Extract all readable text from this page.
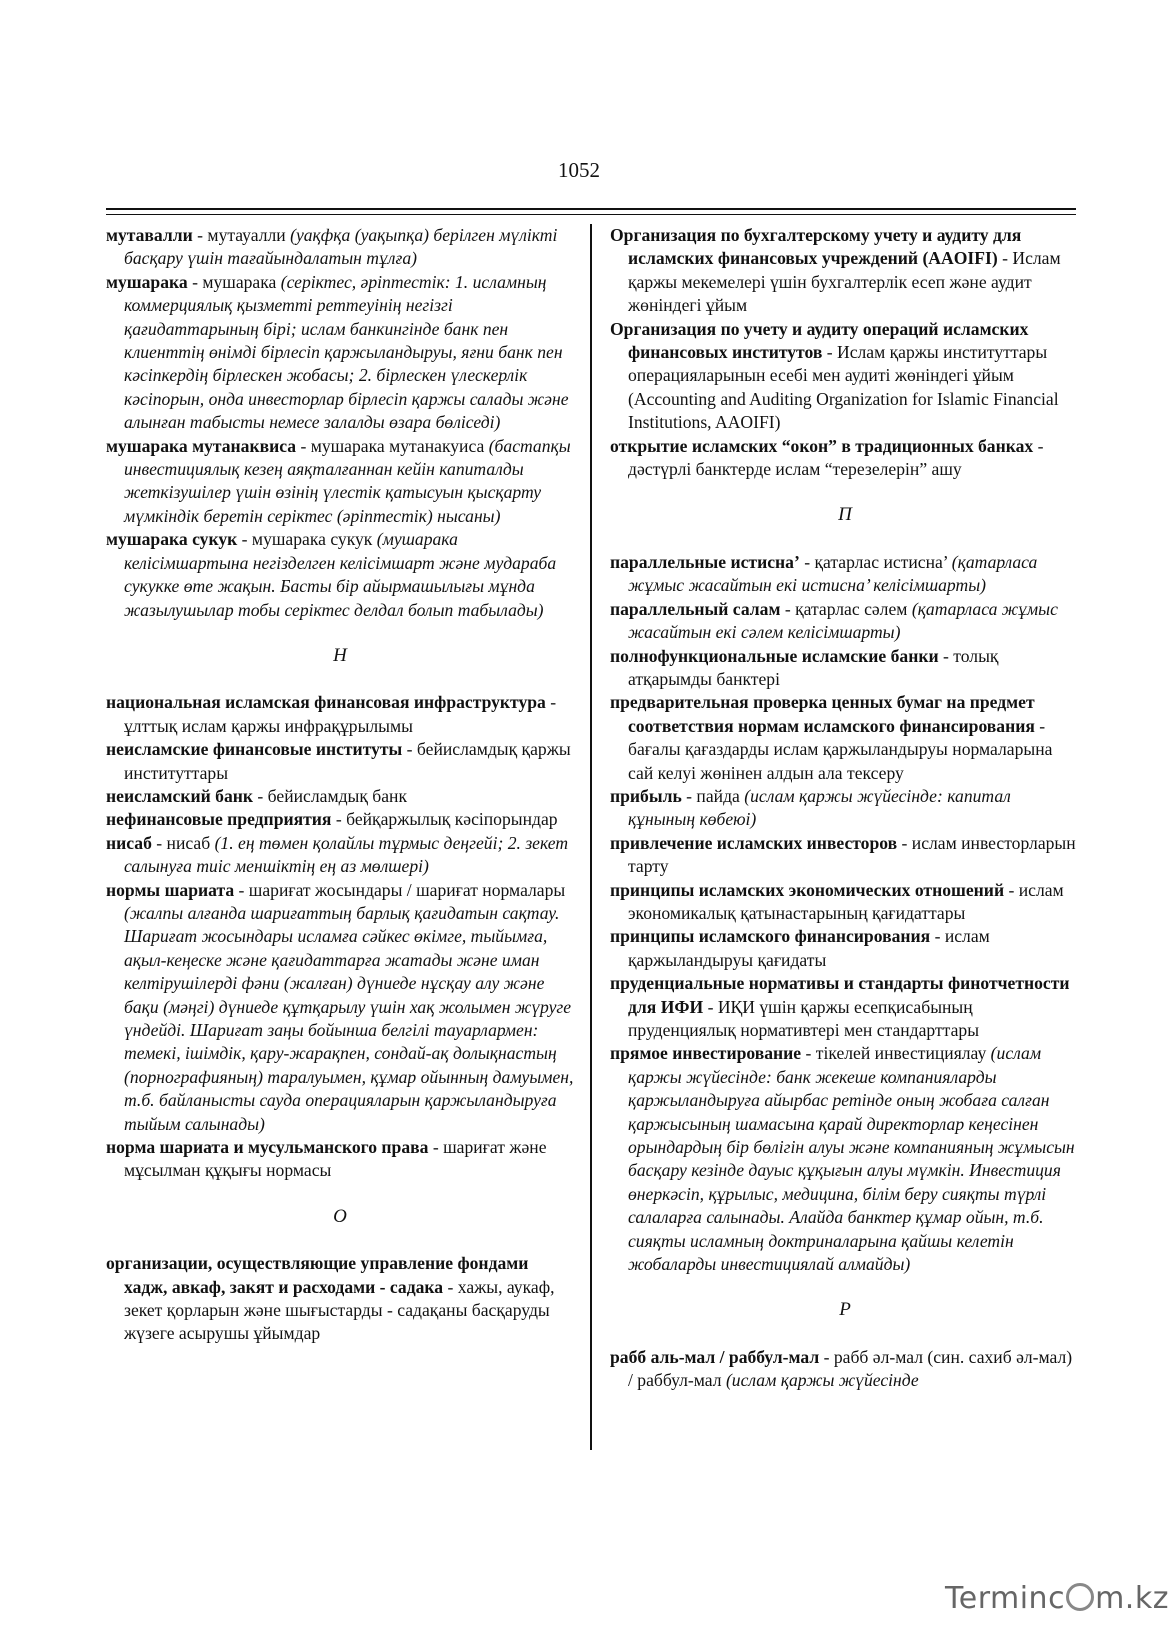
1052

мутавалли - мутауалли (уақфқа (уақыпқа) берілген мүлікті басқару үшін тағайындалатын тұлға)

мушарака - мушарака (серіктес, әріптестік: 1. исламның коммерциялық қызметті реттеуінің негізгі қағидаттарының бірі; ислам банкингінде банк пен клиенттің өнімді бірлесіп қаржыландыруы, яғни банк пен кәсіпкердің бірлескен жобасы; 2. бірлескен үлескерлік кәсіпорын, онда инвесторлар бірлесіп қаржы салады және алынған табысты немесе залалды өзара бөліседі)

мушарака мутанаквиса - мушарака мутанакуиса (бастапқы инвестициялық кезең аяқталғаннан кейін капиталды жеткізушілер үшін өзінің үлестік қатысуын қысқарту мүмкіндік беретін серіктес (әріптестік) нысаны)

мушарака сукук - мушарака сукук (мушарака келісімшартына негізделген келісімшарт және мудараба сукукке өте жақын. Басты бір айырмашылығы мұнда жазылушылар тобы серіктес делдал болып табылады)

Н

национальная исламская финансовая инфраструктура - ұлттық ислам қаржы инфрақұрылымы

неисламские финансовые институты - бейисламдық қаржы институттары

неисламский банк - бейисламдық банк

нефинансовые предприятия - бейқаржылық кәсіпорындар

нисаб - нисаб (1. ең төмен қолайлы тұрмыс деңгейі; 2. зекет салынуға тиіс меншіктің ең аз мөлшері)

нормы шариата - шариғат жосындары / шариғат нормалары (жалпы алғанда шариғаттың барлық қағидатын сақтау. Шариғат жосындары исламға сәйкес өкімге, тыйымға, ақыл-кеңеске және қағидаттарға жатады және иман келтірушілерді фәни (жалған) дүниеде нұсқау алу және бақи (мәңгі) дүниеде құтқарылу үшін хақ жолымен жүруге үндейді. Шариғат заңы бойынша белгілі тауарлармен: темекі, ішімдік, қару-жарақпен, сондай-ақ долықнастың (порнографияның) таралуымен, құмар ойынның дамуымен, т.б. байланысты сауда операцияларын қаржыландыруға тыйым салынады)

норма шариата и мусульманского права - шариғат және мұсылман құқығы нормасы

О

организации, осуществляющие управление фондами хадж, авкаф, закят и расходами - садака - хажы, аукаф, зекет қорларын және шығыстарды - садақаны басқаруды жүзеге асырушы ұйымдар

Организация по бухгалтерскому учету и аудиту для исламских финансовых учреждений (AAOIFI) - Ислам қаржы мекемелері үшін бухгалтерлік есеп және аудит жөніндегі ұйым

Организация по учету и аудиту операций исламских финансовых институтов - Ислам қаржы институттары операцияларынын есебі мен аудиті жөніндегі ұйым (Accounting and Auditing Organization for Islamic Financial Institutions, AAOIFI)

открытие исламских “окон” в традиционных банках - дәстүрлі банктерде ислам “терезелерін” ашу

П

параллельные истисна’ - қатарлас истисна’ (қатарласа жұмыс жасайтын екі истисна’ келісімшарты)

параллельный салам - қатарлас сәлем (қатарласа жұмыс жасайтын екі сәлем келісімшарты)

полнофункциональные исламские банки - толық атқарымды банктері

предварительная проверка ценных бумаг на предмет соответствия нормам исламского финансирования - бағалы қағаздарды ислам қаржыландыруы нормаларына сай келуі жөнінен алдын ала тексеру

прибыль - пайда (ислам қаржы жүйесінде: капитал құнының көбеюі)

привлечение исламских инвесторов - ислам инвесторларын тарту

принципы исламских экономических отношений - ислам экономикалық қатынастарының қағидаттары

принципы исламского финансирования - ислам қаржыландыруы қағидаты

пруденциальные нормативы и стандарты финотчетности для ИФИ - ИҚИ үшін қаржы есепқисабының пруденциялық нормативтері мен стандарттары

прямое инвестирование - тікелей инвестициялау (ислам қаржы жүйесінде: банк жекеше компанияларды қаржыландыруға айырбас ретінде оның жобаға салған қаржысының шамасына қарай директорлар кеңесінен орындардың бір бөлігін алуы және компанияның жұмысын басқару кезінде дауыс құқығын алуы мүмкін. Инвестиция өнеркәсіп, құрылыс, медицина, білім беру сияқты түрлі салаларға салынады. Алайда банктер құмар ойын, т.б. сияқты исламның доктриналарына қайшы келетін жобаларды инвестициялай алмайды)

Р

рабб аль-мал / раббул-мал - рабб әл-мал (син. сахиб әл-мал) / раббул-мал (ислам қаржы жүйесінде

Terminc m.kz
